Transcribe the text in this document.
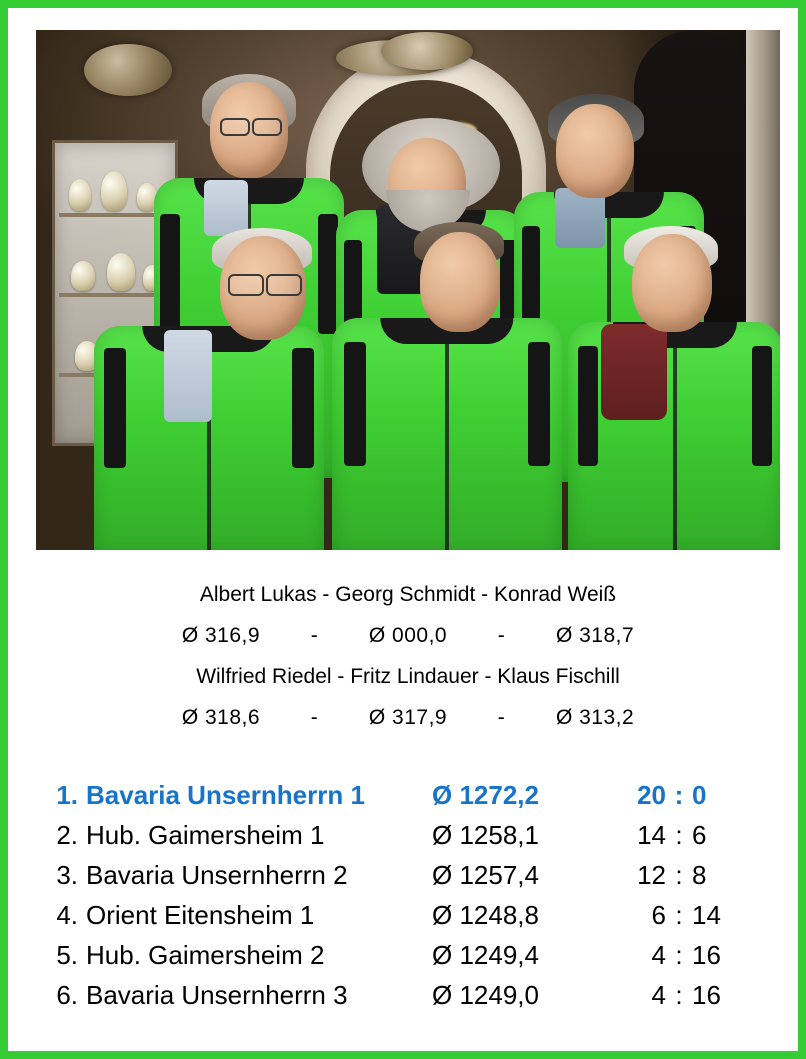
Albert Lukas - Georg Schmidt - Konrad Weiß
Ø 316,9        -        Ø 000,0        -        Ø 318,7
Wilfried Riedel - Fritz Lindauer - Klaus Fischill
Ø 318,6        -        Ø 317,9        -        Ø 313,2
1. Bavaria Unsernherrn 1	Ø 1272,2	20 : 0
2. Hub. Gaimersheim 1	Ø 1258,1	14 : 6
3. Bavaria Unsernherrn 2	Ø 1257,4	12 : 8
4. Orient Eitensheim 1	Ø 1248,8	6 : 14
5. Hub. Gaimersheim 2	Ø 1249,4	4 : 16
6. Bavaria Unsernherrn 3	Ø 1249,0	4 : 16
